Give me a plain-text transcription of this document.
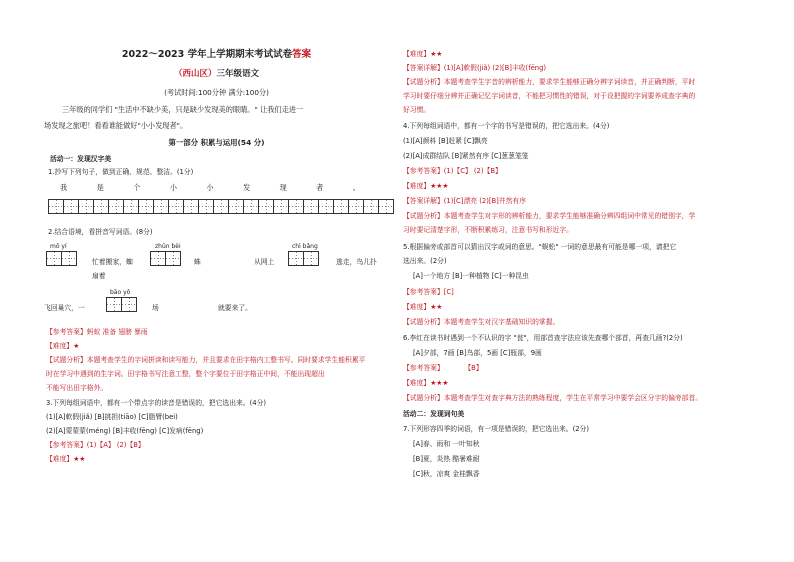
2022～2023 学年上学期期末考试试卷答案
（西山区）三年级语文
(考试时间:100分钟 满分:100分)
三年级的同学们 "生活中不缺少美，只是缺少发现美的眼睛。" 让我们走进一
场发现之旅吧！看看谁能做好"小小发现者"。
第一部分 积累与运用(54 分)
活动一：发现汉字美
1.抄写下列句子，做到正确、规范、整洁。(1分)
我	是	个	小	小	发	现	者	。
2.结合语境，看拼音写词语。(8分)
mǒ yí	zhūn bèi	chì bǎng
忙着搬家，蜘
扇着
蛛	从网上	逃走，鸟儿扑
bāo yǒ
飞回巢穴，一	场	就要来了。
【参考答案】蚂蚁 准备 翅膀 暴雨
【难度】★
【试题分析】本题考查学生的字词拼读和读写能力，并且要求在田字格内工整书写。同时要求学生能积累平
时在学习中遇到的生字词。田字格书写注意工整，整个字要位于田字格正中间，不能出现超出
不能写出田字格外。
3.下列每组词语中，都有一个带点字的读音是错误的，把它选出来。(4分)
(1)[A]軟假(jiǎ) [B]挑担(tiāo) [C]脂臂(bei)
(2)[A]蒙蒙蒙(méng) [B]丰收(fēng) [C]发病(fēng)
【参考答案】(1)【A】 (2)【B】
【难度】★★
【难度】★★
【答案详解】(1)[A]軟假(jiǎ) (2)[B]丰收(fēng)
【试题分析】本题考查学生字音的辨析能力，要求学生能够正确分辨字词读音，并正确判断，平时
学习时要仔细分辨并正确记忆字词读音，不能把习惯性的错误，对于设把握的字词要养成查字典的
好习惯。
4.下列每组词语中，都有一个字的书写是错误的，把它选出来。(4分)
(1)[A]颜料 [B]赶紧 [C]飘亮
(2)[A]成群结队 [B]紧然有序 [C]葱葱笼笼
【参考答案】(1)【C】 (2)【B】
【难度】★★★
【答案详解】(1)[C]漂亮 (2)[B]井然有序
【试题分析】本题考查学生对字形的辨析能力，要求学生能够准确分辨四组词中常见的错别字，学
习时要记清楚字形，不断积累练习，注意书写和形近字。
5.根据偏旁或部首可以猜出汉字或词的意思。"蜈蚣" 一词的意思最有可能是哪一项，请把它
选出来。(2分)
[A]一个地方 [B]一种植物 [C]一种昆虫
【参考答案】[C]
【难度】★★
【试题分析】本题考查学生对汉字基础知识的掌握。
6.李红在读书时遇到一个不认识的字 "瓮"，用部首查字法应该先查哪个部首，再查几画?(2分)
[A]夕部，7画 [B]鸟部，5画 [C]瓶部，9画
【参考答案】	【B】
【难度】★★★
【试题分析】本题考查学生对查字典方法的熟练程度，学生在平常学习中要学会区分字的偏旁部首。
活动二：发现词句美
7.下列形容四季的词语，有一项是错误的，把它选出来。(2分)
[A]春、雨和 一叶知秋
[B]夏，炎热 酷暑难耐
[C]秋，凉爽 金桂飘香
